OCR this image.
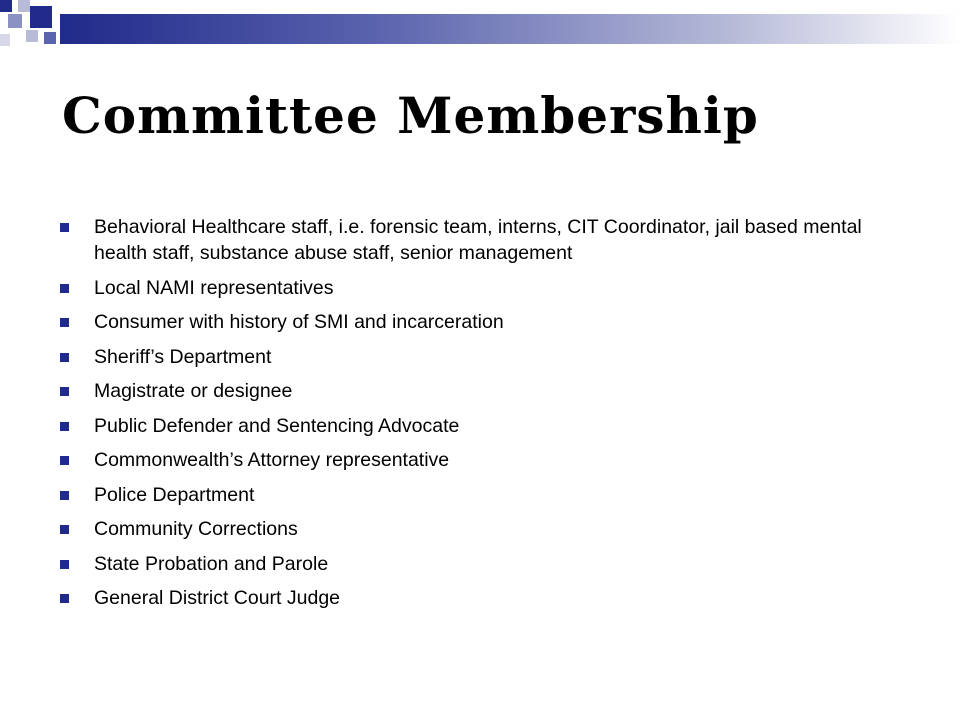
Committee Membership
Behavioral Healthcare staff, i.e. forensic team, interns, CIT Coordinator, jail based mental health staff, substance abuse staff, senior management
Local NAMI representatives
Consumer with history of SMI and incarceration
Sheriff’s Department
Magistrate or designee
Public Defender and Sentencing Advocate
Commonwealth’s Attorney representative
Police Department
Community Corrections
State Probation and Parole
General District Court Judge
